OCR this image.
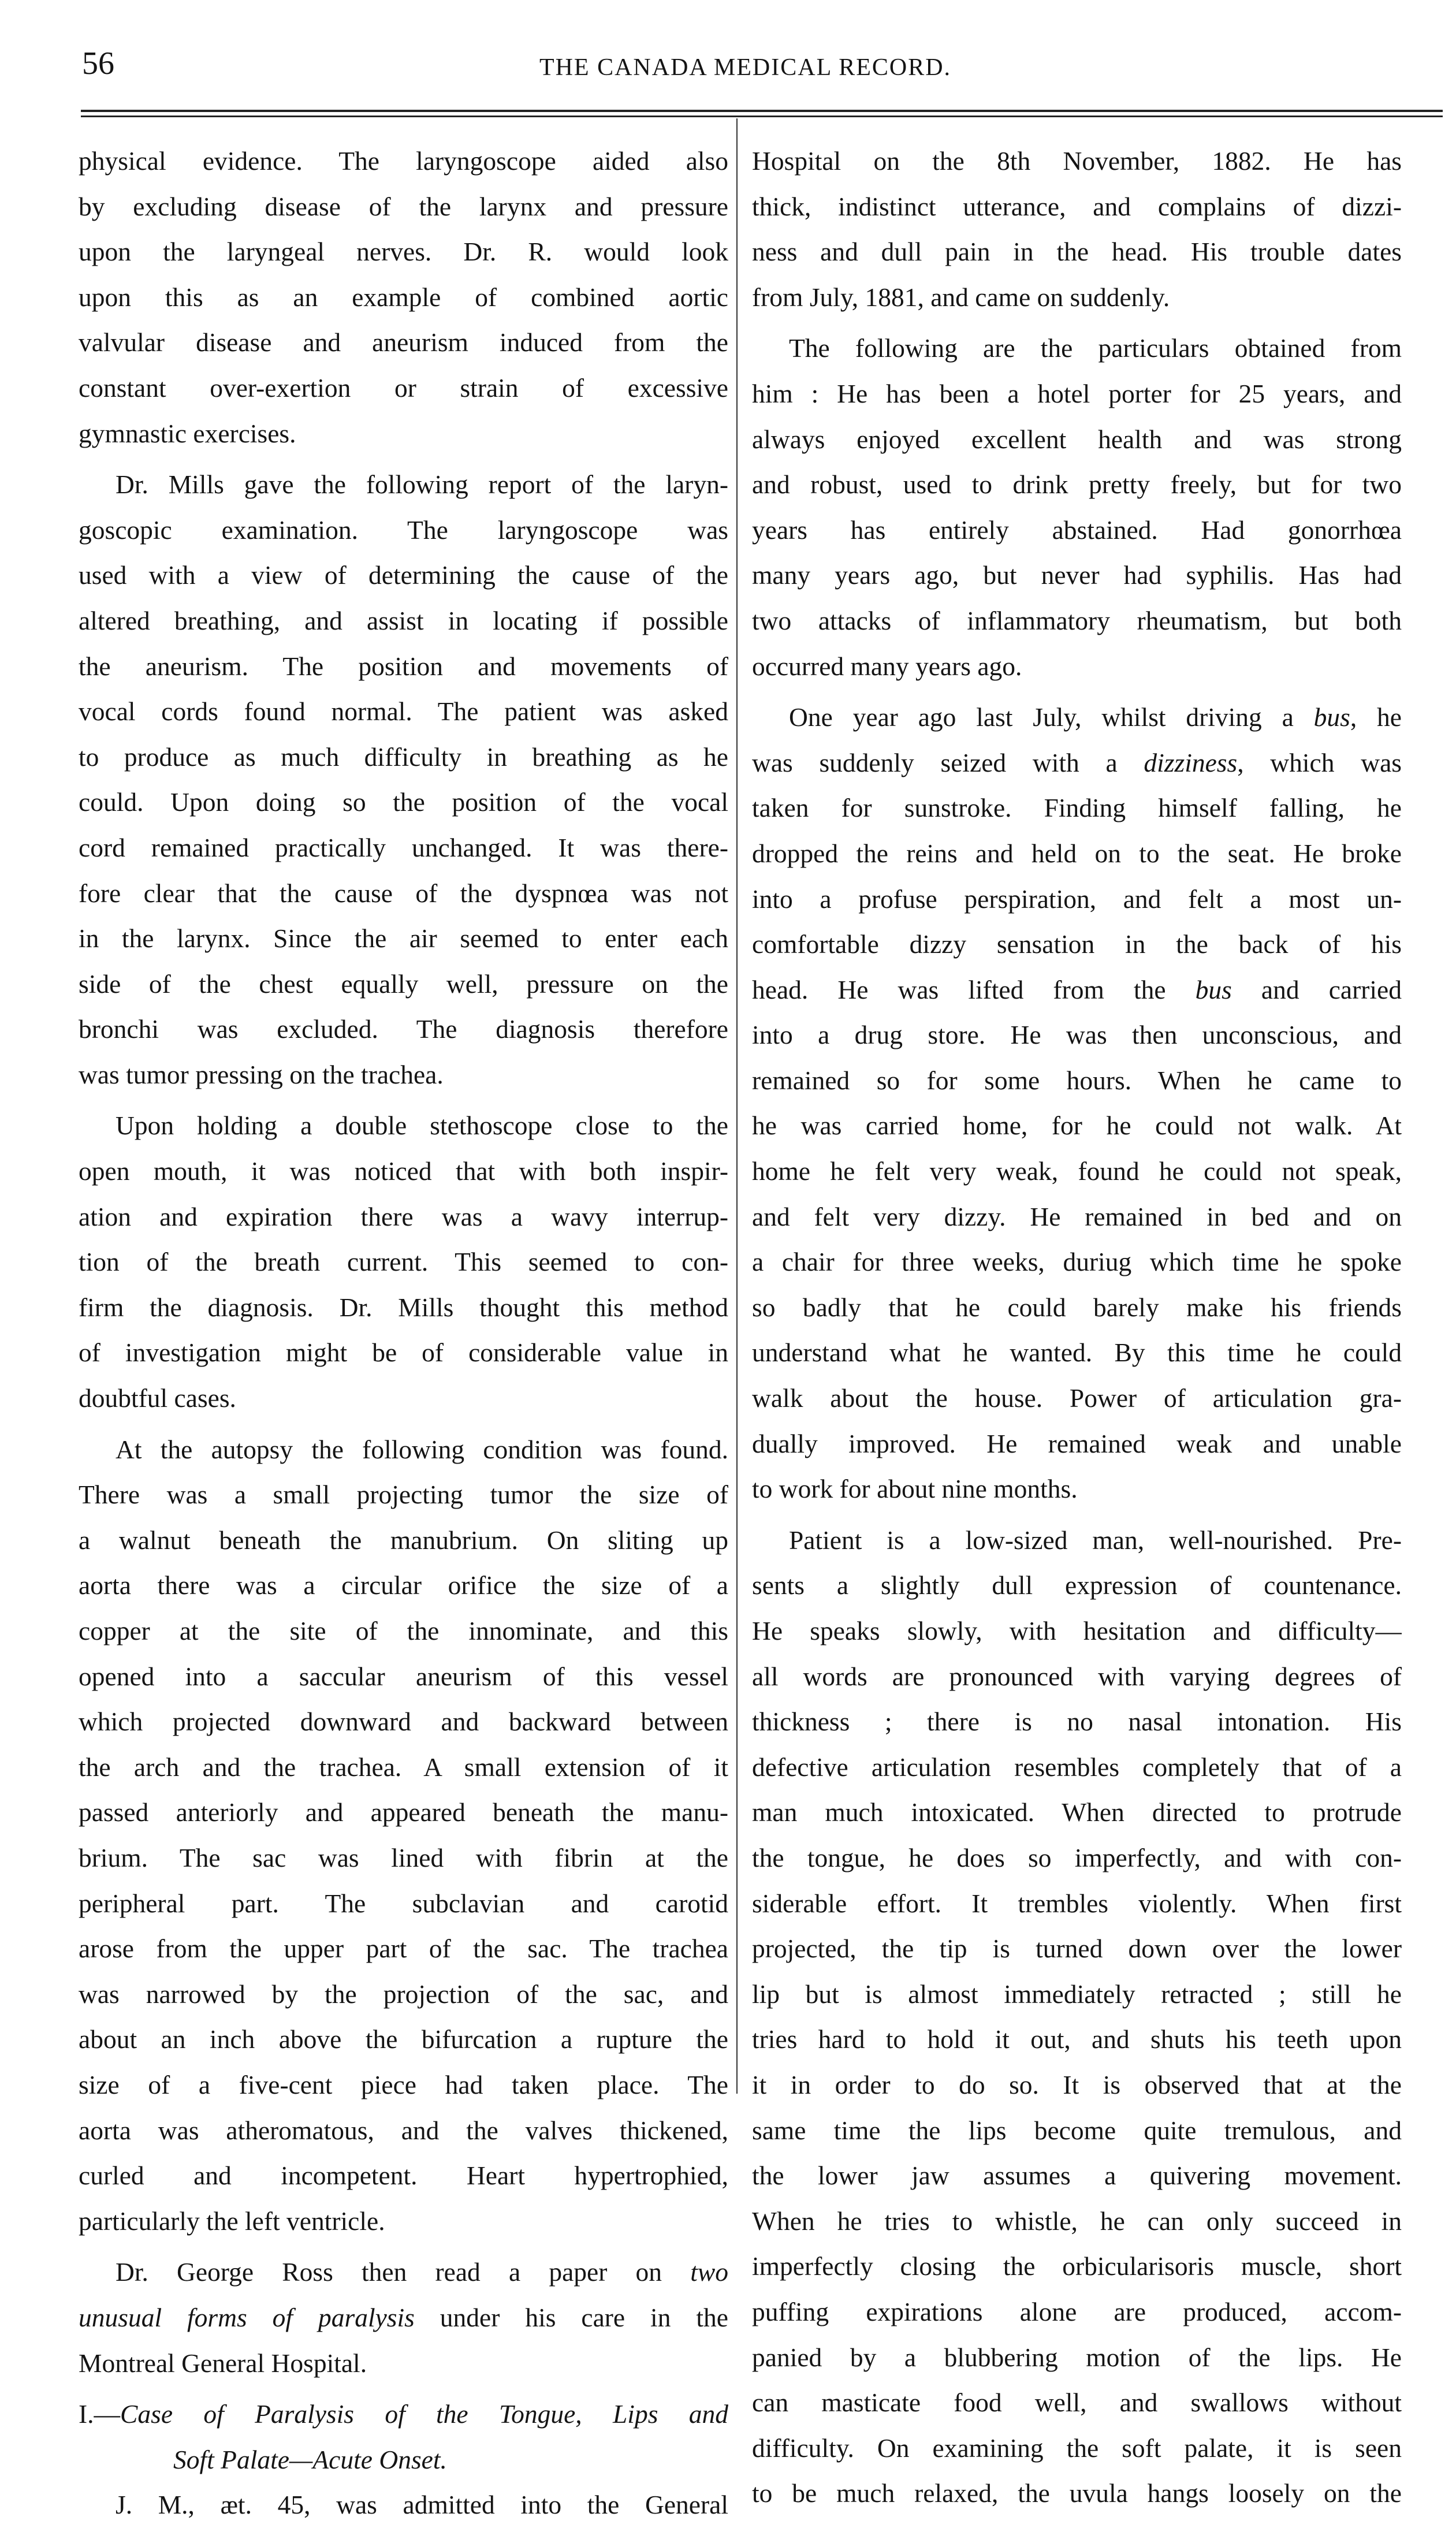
56	THE CANADA MEDICAL RECORD.
physical evidence. The laryngoscope aided also
by excluding disease of the larynx and pressure
upon the laryngeal nerves. Dr. R. would look
upon this as an example of combined aortic
valvular disease and aneurism induced from the
constant over-exertion or strain of excessive
gymnastic exercises.
Dr. Mills gave the following report of the laryn-
goscopic examination. The laryngoscope was
used with a view of determining the cause of the
altered breathing, and assist in locating if possible
the aneurism. The position and movements of
vocal cords found normal. The patient was asked
to produce as much difficulty in breathing as he
could. Upon doing so the position of the vocal
cord remained practically unchanged. It was there-
fore clear that the cause of the dyspnœa was not
in the larynx. Since the air seemed to enter each
side of the chest equally well, pressure on the
bronchi was excluded. The diagnosis therefore
was tumor pressing on the trachea.
Upon holding a double stethoscope close to the
open mouth, it was noticed that with both inspir-
ation and expiration there was a wavy interrup-
tion of the breath current. This seemed to con-
firm the diagnosis. Dr. Mills thought this method
of investigation might be of considerable value in
doubtful cases.
At the autopsy the following condition was found.
There was a small projecting tumor the size of
a walnut beneath the manubrium. On sliting up
aorta there was a circular orifice the size of a
copper at the site of the innominate, and this
opened into a saccular aneurism of this vessel
which projected downward and backward between
the arch and the trachea. A small extension of it
passed anteriorly and appeared beneath the manu-
brium. The sac was lined with fibrin at the
peripheral part. The subclavian and carotid
arose from the upper part of the sac. The trachea
was narrowed by the projection of the sac, and
about an inch above the bifurcation a rupture the
size of a five-cent piece had taken place. The
aorta was atheromatous, and the valves thickened,
curled and incompetent. Heart hypertrophied,
particularly the left ventricle.
Dr. George Ross then read a paper on two
unusual forms of paralysis under his care in the
Montreal General Hospital.
I.—Case of Paralysis of the Tongue, Lips and
Soft Palate—Acute Onset.
J. M., æt. 45, was admitted into the General
Hospital on the 8th November, 1882. He has
thick, indistinct utterance, and complains of dizzi-
ness and dull pain in the head. His trouble dates
from July, 1881, and came on suddenly.
The following are the particulars obtained from
him : He has been a hotel porter for 25 years, and
always enjoyed excellent health and was strong
and robust, used to drink pretty freely, but for two
years has entirely abstained. Had gonorrhœa
many years ago, but never had syphilis. Has had
two attacks of inflammatory rheumatism, but both
occurred many years ago.
One year ago last July, whilst driving a bus, he
was suddenly seized with a dizziness, which was
taken for sunstroke. Finding himself falling, he
dropped the reins and held on to the seat. He broke
into a profuse perspiration, and felt a most un-
comfortable dizzy sensation in the back of his
head. He was lifted from the bus and carried
into a drug store. He was then unconscious, and
remained so for some hours. When he came to
he was carried home, for he could not walk. At
home he felt very weak, found he could not speak,
and felt very dizzy. He remained in bed and on
a chair for three weeks, durіug which time he spoke
so badly that he could barely make his friends
understand what he wanted. By this time he could
walk about the house. Power of articulation gra-
dually improved. He remained weak and unable
to work for about nine months.
Patient is a low-sized man, well-nourished. Pre-
sents a slightly dull expression of countenance.
He speaks slowly, with hesitation and difficulty—
all words are pronounced with varying degrees of
thickness ; there is no nasal intonation. His
defective articulation resembles completely that of a
man much intoxicated. When directed to protrude
the tongue, he does so imperfectly, and with con-
siderable effort. It trembles violently. When first
projected, the tip is turned down over the lower
lip but is almost immediately retracted ; still he
tries hard to hold it out, and shuts his teeth upon
it in order to do so. It is observed that at the
same time the lips become quite tremulous, and
the lower jaw assumes a quivering movement.
When he tries to whistle, he can only succeed in
imperfectly closing the orbicularisoris muscle, short
puffing expirations alone are produced, accom-
panied by a blubbering motion of the lips. He
can masticate food well, and swallows without
difficulty. On examining the soft palate, it is seen
to be much relaxed, the uvula hangs loosely on the
